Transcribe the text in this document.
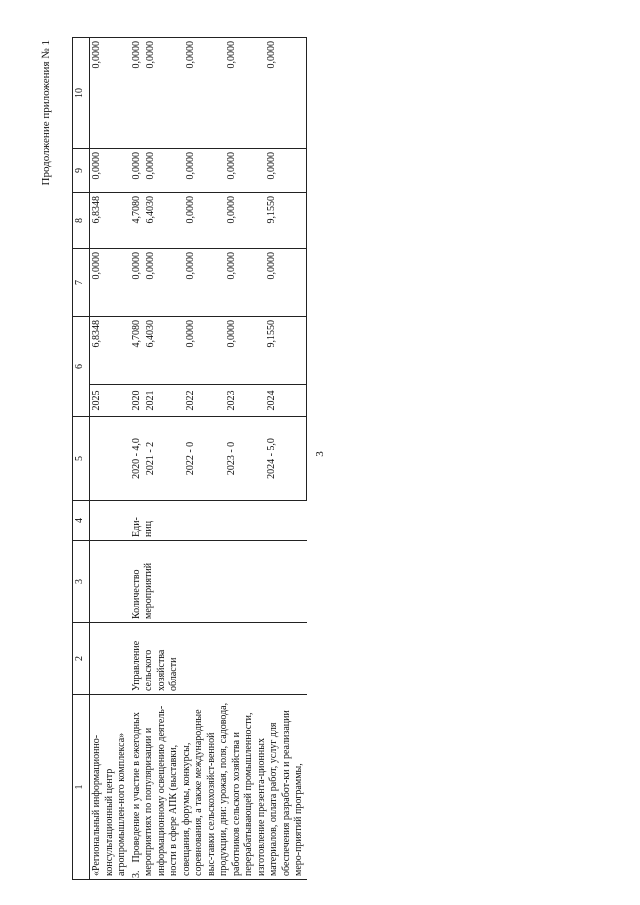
3
Продолжение приложения № 1
1	2	3	4	5	6		7	8	9	10
«Региональный информационно-консультационный центр агропромышлен-ного комплекса»					2025	6,8348	0,0000	6,8348	0,0000	0,0000
3.Проведение и участие в ежегодных мероприятиях по популяризации и информационному освещению деятель-ности в сфере АПК (выставки, совещания, форумы, конкурсы, соревнования, а также международные выс-тавки сельскохозяйст-венной продукции, дни: урожая, поля, садовода, работников сельского хозяйства и перерабатывающей промышленности, изготовление презента-ционных материалов, оплата работ, услуг для обеспечения разработ-ки и реализации меро-приятий программы,	Управление сельского хозяйства области	Количество мероприятий	Еди-ниц	2020 - 4,0	2020	4,7080	0,0000	4,7080	0,0000	0,0000
				2021 - 2	2021	6,4030	0,0000	6,4030	0,0000	0,0000
				2022 - 0	2022	0,0000	0,0000	0,0000	0,0000	0,0000
				2023 - 0	2023	0,0000	0,0000	0,0000	0,0000	0,0000
				2024 - 5,0	2024	9,1550	0,0000	9,1550	0,0000	0,0000
